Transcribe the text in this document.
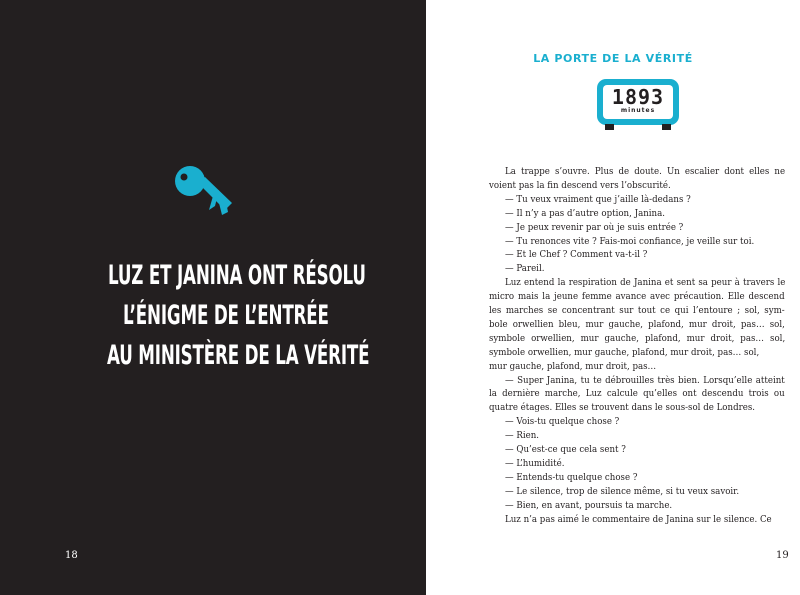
LUZ ET JANINA ONT RÉSOLU
L’ÉNIGME DE L’ENTRÉE
AU MINISTÈRE DE LA VÉRITÉ
18
LA PORTE DE LA VÉRITÉ
1893
minutes
La trappe s’ouvre. Plus de doute. Un escalier dont elles ne
voient pas la fin descend vers l’obscurité.
— Tu veux vraiment que j’aille là-dedans ?
— Il n’y a pas d’autre option, Janina.
— Je peux revenir par où je suis entrée ?
— Tu renonces vite ? Fais-moi confiance, je veille sur toi.
— Et le Chef ? Comment va-t-il ?
— Pareil.
Luz entend la respiration de Janina et sent sa peur à travers le
micro mais la jeune femme avance avec précaution. Elle descend
les marches se concentrant sur tout ce qui l’entoure ; sol, sym-
bole orwellien bleu, mur gauche, plafond, mur droit, pas… sol,
symbole orwellien, mur gauche, plafond, mur droit, pas… sol,
symbole orwellien, mur gauche, plafond, mur droit, pas… sol,
mur gauche, plafond, mur droit, pas…
— Super Janina, tu te débrouilles très bien. Lorsqu’elle atteint
la dernière marche, Luz calcule qu’elles ont descendu trois ou
quatre étages. Elles se trouvent dans le sous-sol de Londres.
— Vois-tu quelque chose ?
— Rien.
— Qu’est-ce que cela sent ?
— L’humidité.
— Entends-tu quelque chose ?
— Le silence, trop de silence même, si tu veux savoir.
— Bien, en avant, poursuis ta marche.
Luz n’a pas aimé le commentaire de Janina sur le silence. Ce
19
